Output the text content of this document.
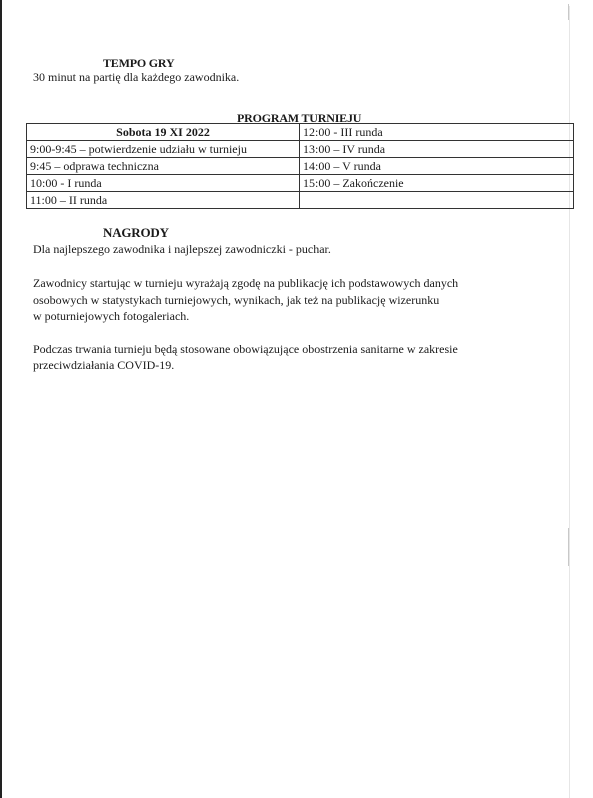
TEMPO GRY
30 minut na partię dla każdego zawodnika.
PROGRAM TURNIEJU
Sobota 19 XI 2022	12:00 - III runda
9:00-9:45 – potwierdzenie udziału w turnieju	13:00 – IV runda
9:45 – odprawa techniczna	14:00 – V runda
10:00 - I runda	15:00 – Zakończenie
11:00 – II runda	
NAGRODY
Dla najlepszego zawodnika i najlepszej zawodniczki - puchar.
Zawodnicy startując w turnieju wyrażają zgodę na publikację ich podstawowych danych
osobowych w statystykach turniejowych, wynikach, jak też na publikację wizerunku
w poturniejowych fotogaleriach.
Podczas trwania turnieju będą stosowane obowiązujące obostrzenia sanitarne w zakresie
przeciwdziałania COVID-19.
